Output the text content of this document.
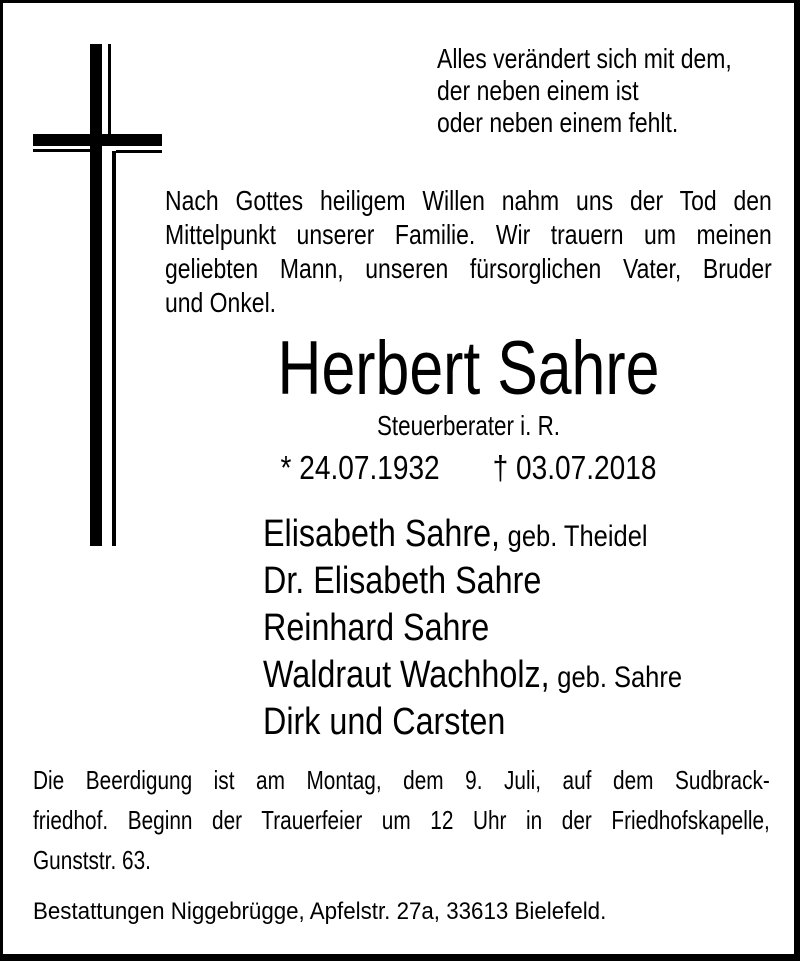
Alles verändert sich mit dem,
der neben einem ist
oder neben einem fehlt.
Nach Gottes heiligem Willen nahm uns der Tod den
Mittelpunkt unserer Familie. Wir trauern um meinen
geliebten Mann, unseren fürsorglichen Vater, Bruder
und Onkel.
Herbert Sahre
Steuerberater i. R.
* 24.07.1932 † 03.07.2018
Elisabeth Sahre, geb. Theidel
Dr. Elisabeth Sahre
Reinhard Sahre
Waldraut Wachholz, geb. Sahre
Dirk und Carsten
Die Beerdigung ist am Montag, dem 9. Juli, auf dem Sudbrack-
friedhof. Beginn der Trauerfeier um 12 Uhr in der Friedhofskapelle,
Gunststr. 63.
Bestattungen Niggebrügge, Apfelstr. 27a, 33613 Bielefeld.
